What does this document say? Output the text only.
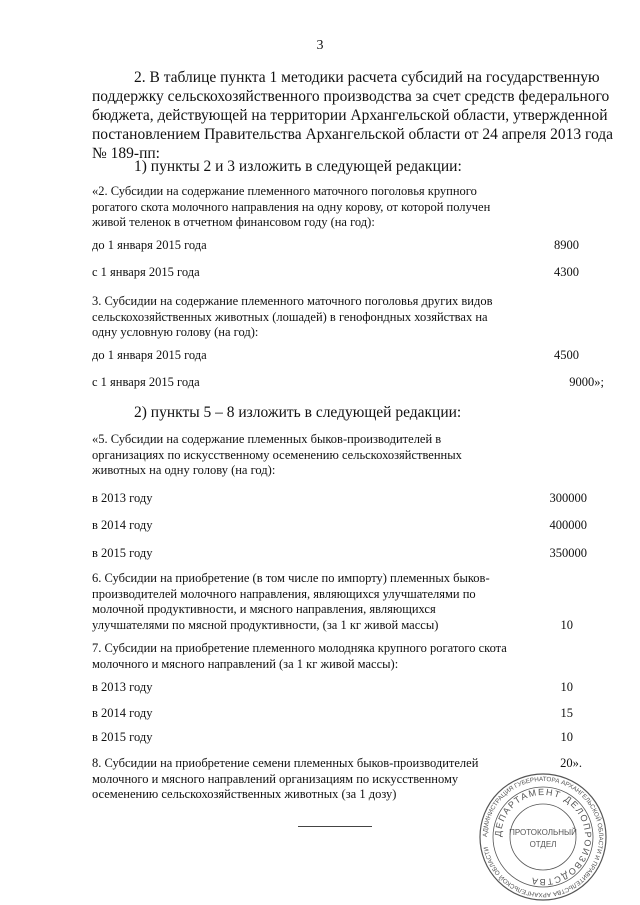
3
2. В таблице пункта 1 методики расчета субсидий на государственную
поддержку сельскохозяйственного производства за счет средств федерального
бюджета, действующей на территории Архангельской области, утвержденной
постановлением Правительства Архангельской области от 24 апреля 2013 года
№ 189-пп:
1) пункты 2 и 3 изложить в следующей редакции:
«2. Субсидии на содержание племенного маточного поголовья крупного рогатого скота молочного направления на одну корову, от которой получен живой теленок в отчетном финансовом году (на год):
до 1 января 2015 года	8900
с 1 января 2015 года	4300
3. Субсидии на содержание племенного маточного поголовья других видов сельскохозяйственных животных (лошадей) в генофондных хозяйствах на одну условную голову (на год):
до 1 января 2015 года	4500
с 1 января 2015 года	9000»;
2) пункты 5 – 8 изложить в следующей редакции:
«5. Субсидии на содержание племенных быков-производителей в организациях по искусственному осеменению сельскохозяйственных животных на одну голову (на год):
в 2013 году	300000
в 2014 году	400000
в 2015 году	350000
6. Субсидии на приобретение (в том числе по импорту) племенных быков-производителей молочного направления, являющихся улучшателями по молочной продуктивности, и мясного направления, являющихся улучшателями по мясной продуктивности, (за 1 кг живой массы)	10
7. Субсидии на приобретение племенного молодняка крупного рогатого скота молочного и мясного направлений (за 1 кг живой массы):
в 2013 году	10
в 2014 году	15
в 2015 году	10
8. Субсидии на приобретение семени племенных быков-производителей молочного и мясного направлений организациям по искусственному осеменению сельскохозяйственных животных (за 1 дозу)
20».
АДМИНИСТРАЦИЯ ГУБЕРНАТОРА АРХАНГЕЛЬСКОЙ ОБЛАСТИ И ПРАВИТЕЛЬСТВА АРХАНГЕЛЬСКОЙ ОБЛАСТИ
ДЕПАРТАМЕНТ ДЕЛОПРОИЗВОДСТВА
ПРОТОКОЛЬНЫЙ
ОТДЕЛ
